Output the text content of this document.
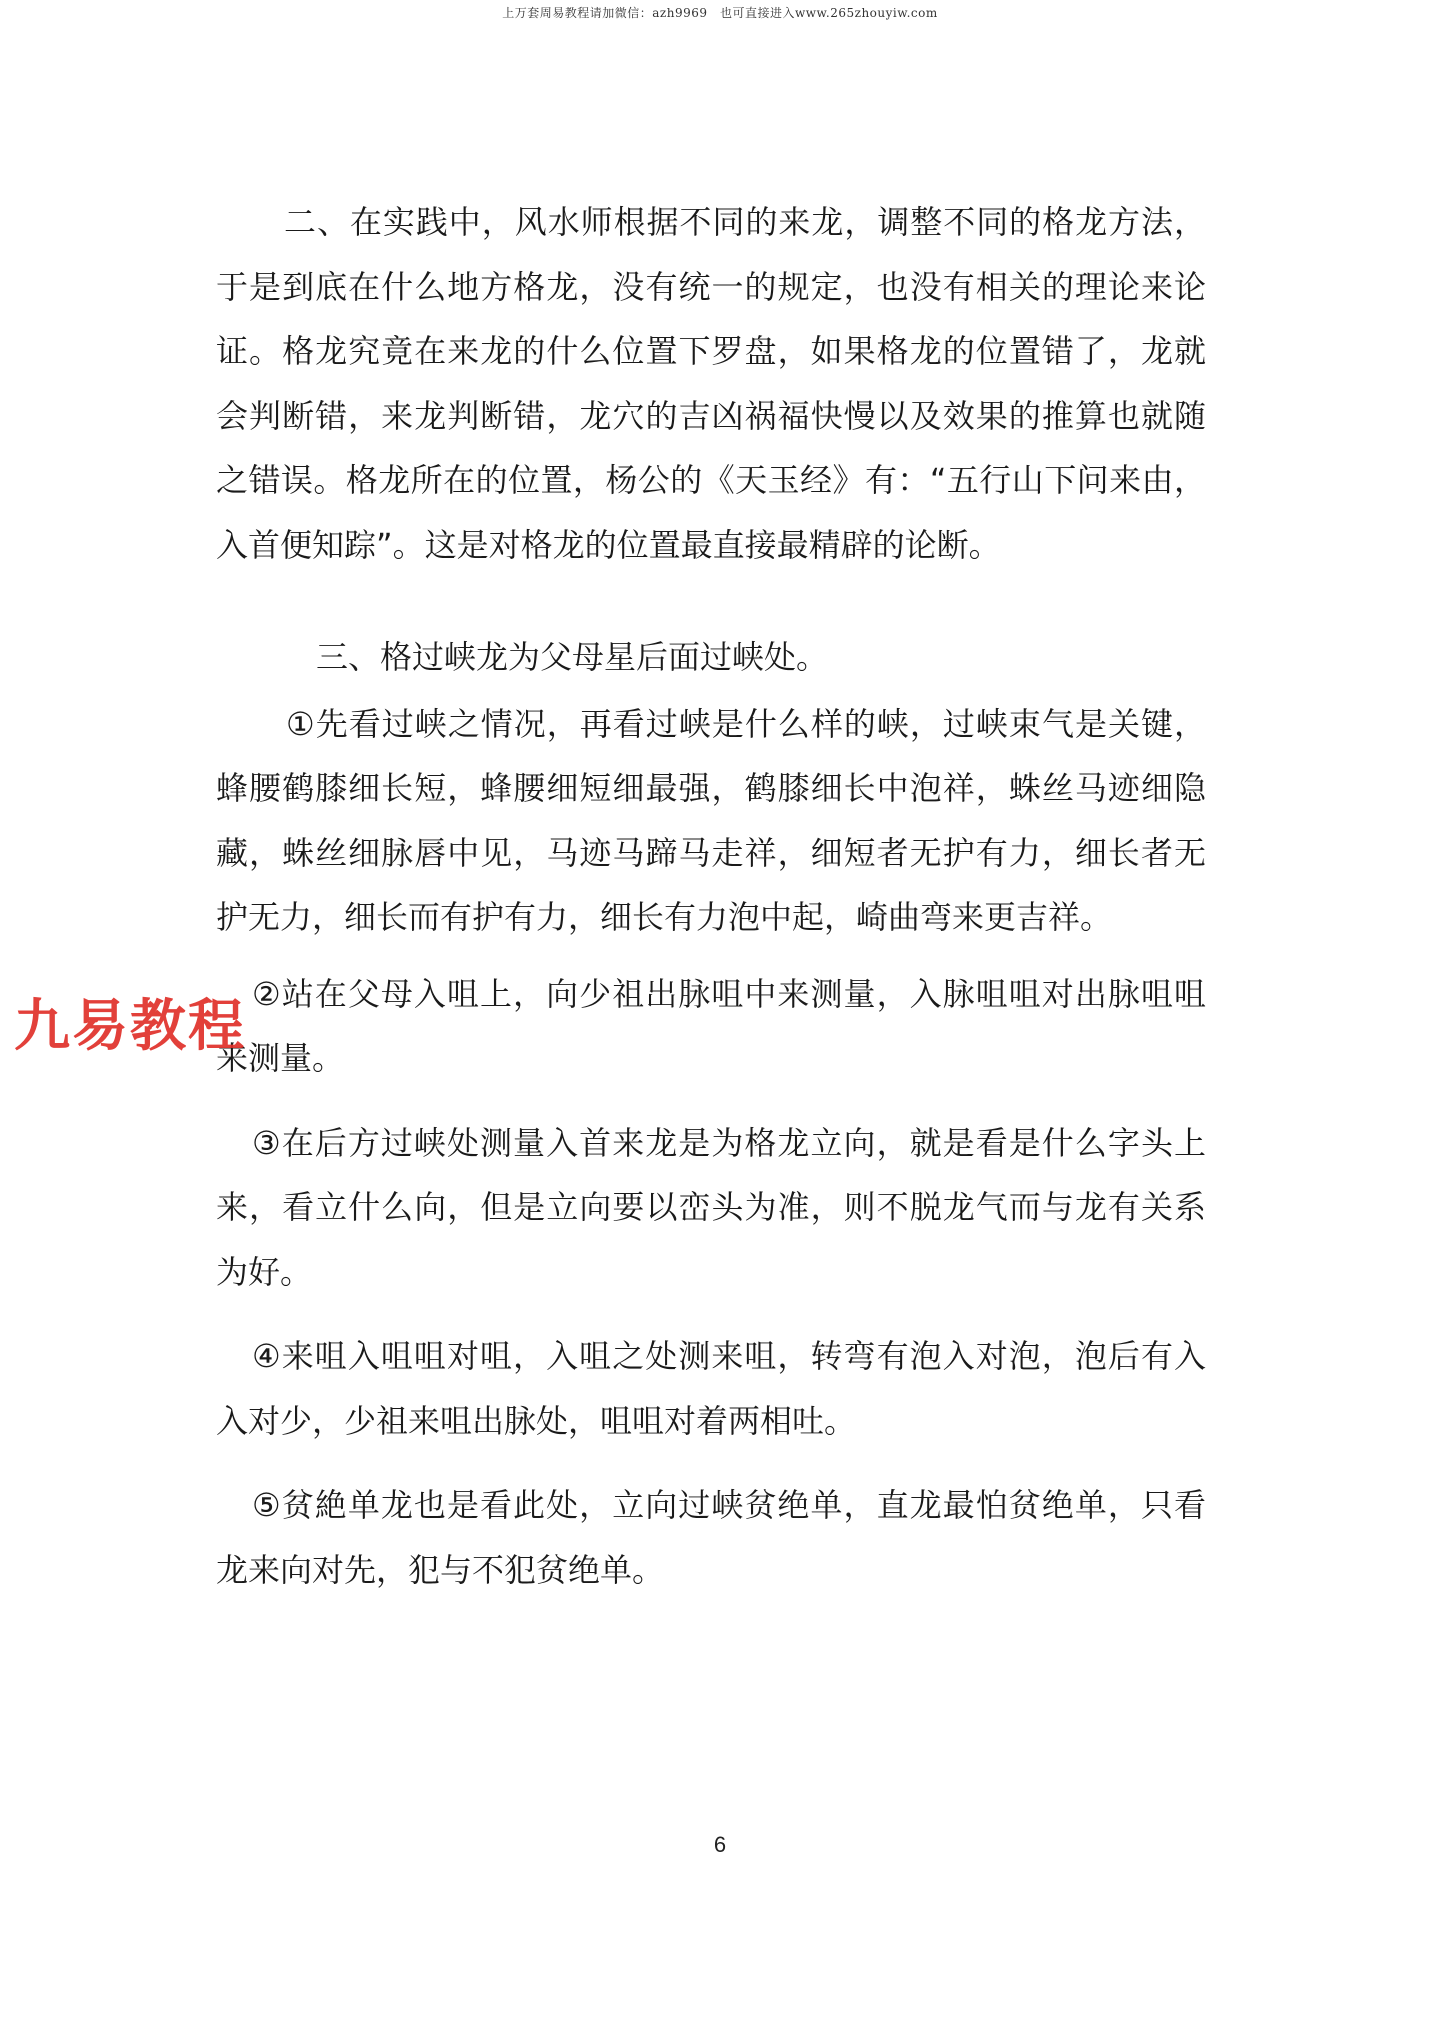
上万套周易教程请加微信：azh9969　也可直接进入www.265zhouyiw.com

二、在实践中，风水师根据不同的来龙，调整不同的格龙方法，于是到底在什么地方格龙，没有统一的规定，也没有相关的理论来论证。格龙究竟在来龙的什么位置下罗盘，如果格龙的位置错了，龙就会判断错，来龙判断错，龙穴的吉凶祸福快慢以及效果的推算也就随之错误。格龙所在的位置，杨公的《天玉经》有：“五行山下问来由，入首便知踪”。这是对格龙的位置最直接最精辟的论断。

三、格过峡龙为父母星后面过峡处。

①先看过峡之情况，再看过峡是什么样的峡，过峡束气是关键，蜂腰鹤膝细长短，蜂腰细短细最强，鹤膝细长中泡祥，蛛丝马迹细隐藏，蛛丝细脉唇中见，马迹马蹄马走祥，细短者无护有力，细长者无护无力，细长而有护有力，细长有力泡中起，崎曲弯来更吉祥。

②站在父母入咀上，向少祖出脉咀中来测量，入脉咀咀对出脉咀咀来测量。

③在后方过峡处测量入首来龙是为格龙立向，就是看是什么字头上来，看立什么向，但是立向要以峦头为准，则不脱龙气而与龙有关系为好。

④来咀入咀咀对咀，入咀之处测来咀，转弯有泡入对泡，泡后有入入对少，少祖来咀出脉处，咀咀对着两相吐。

⑤贫絶单龙也是看此处，立向过峡贫绝单，直龙最怕贫绝单，只看龙来向对先，犯与不犯贫绝单。

九易教程
6
